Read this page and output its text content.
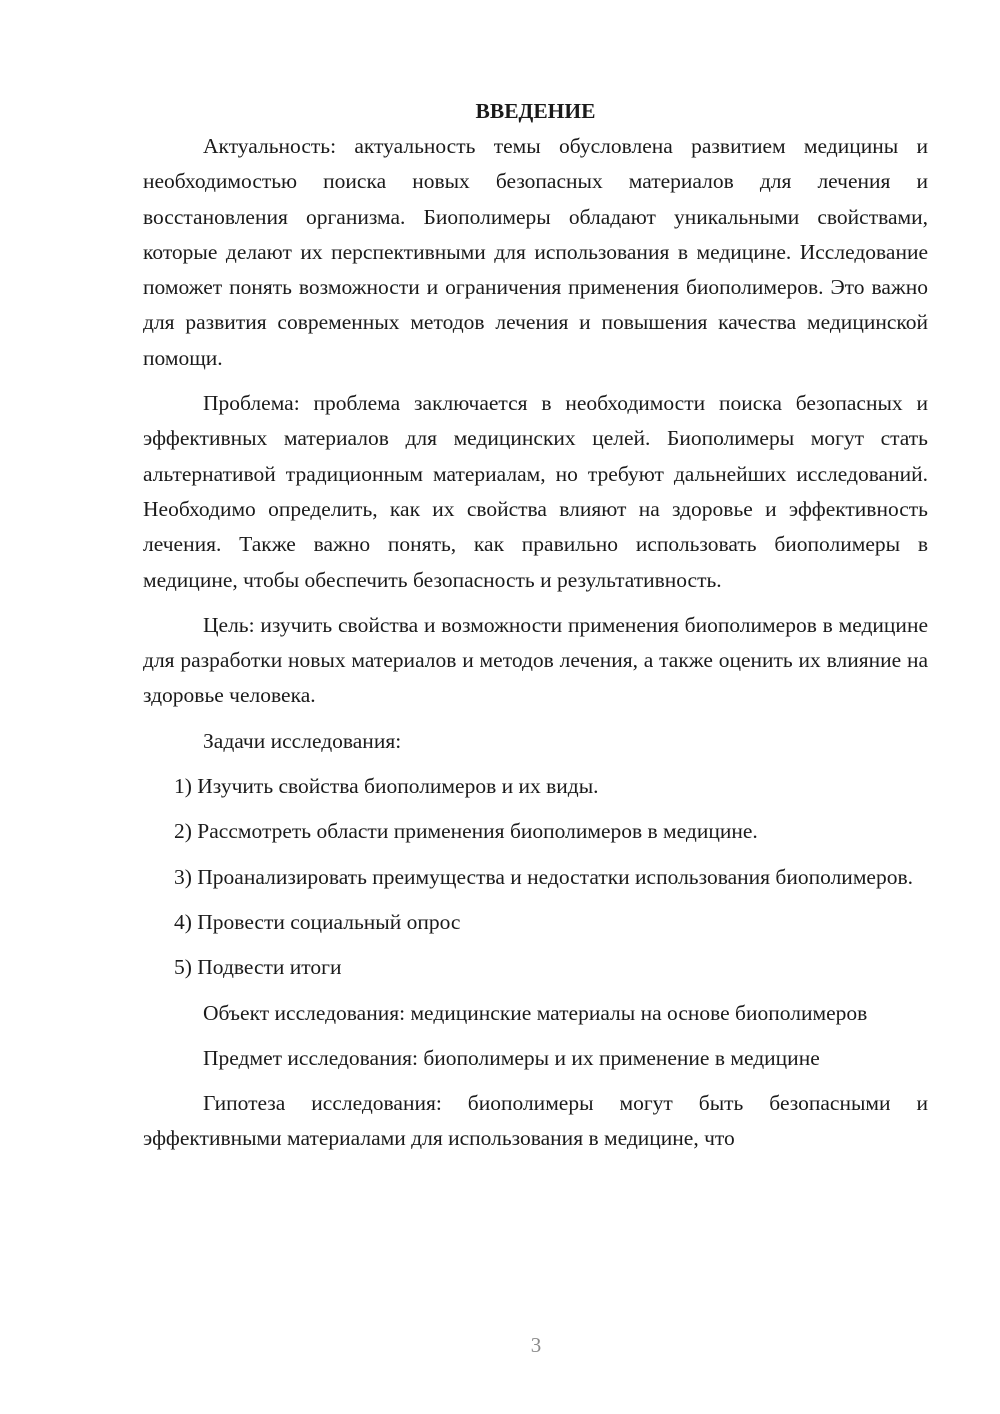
ВВЕДЕНИЕ

Актуальность: актуальность темы обусловлена развитием медицины и необходимостью поиска новых безопасных материалов для лечения и восстановления организма. Биополимеры обладают уникальными свойствами, которые делают их перспективными для использования в медицине. Исследование поможет понять возможности и ограничения применения биополимеров. Это важно для развития современных методов лечения и повышения качества медицинской помощи.

Проблема: проблема заключается в необходимости поиска безопасных и эффективных материалов для медицинских целей. Биополимеры могут стать альтернативой традиционным материалам, но требуют дальнейших исследований. Необходимо определить, как их свойства влияют на здоровье и эффективность лечения. Также важно понять, как правильно использовать биополимеры в медицине, чтобы обеспечить безопасность и результативность.

Цель: изучить свойства и возможности применения биополимеров в медицине для разработки новых материалов и методов лечения, а также оценить их влияние на здоровье человека.

Задачи исследования:

1) Изучить свойства биополимеров и их виды.

2) Рассмотреть области применения биополимеров в медицине.

3) Проанализировать преимущества и недостатки использования биополимеров.

4) Провести социальный опрос

5) Подвести итоги

Объект исследования: медицинские материалы на основе биополимеров

Предмет исследования: биополимеры и их применение в медицине

Гипотеза исследования: биополимеры могут быть безопасными и эффективными материалами для использования в медицине, что

3
